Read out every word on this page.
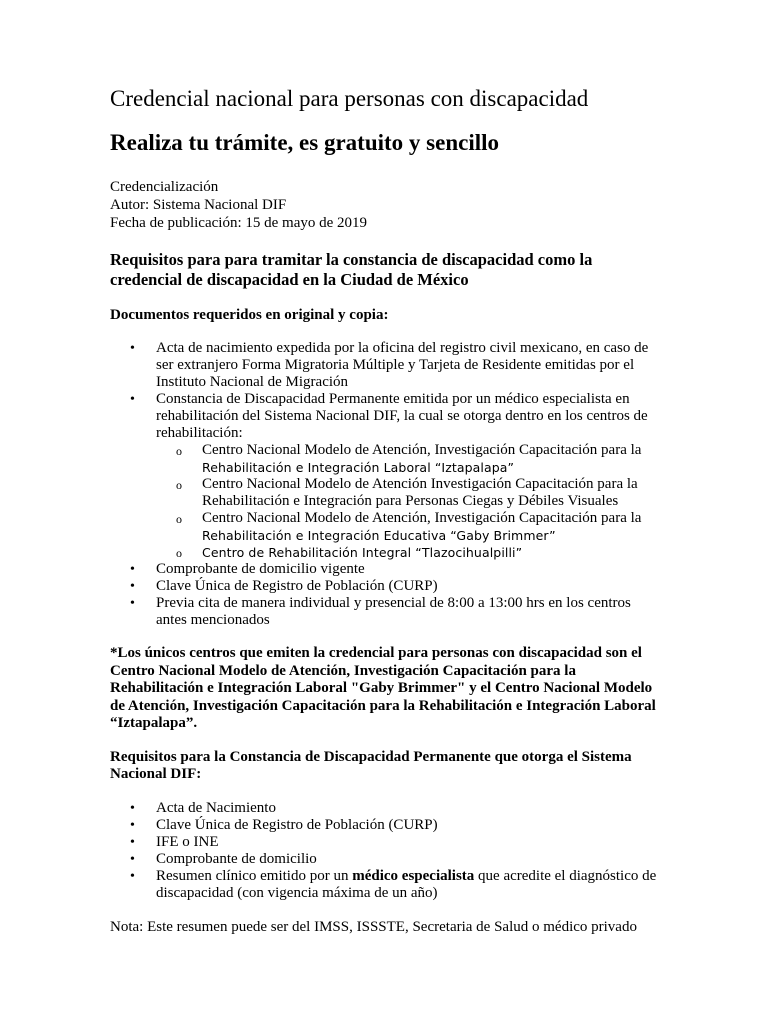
Credencial nacional para personas con discapacidad
Realiza tu trámite, es gratuito y sencillo
Credencialización
Autor: Sistema Nacional DIF
Fecha de publicación: 15 de mayo de 2019
Requisitos para para tramitar la constancia de discapacidad como la credencial de discapacidad en la Ciudad de México
Documentos requeridos en original y copia:
• Acta de nacimiento expedida por la oficina del registro civil mexicano, en caso de ser extranjero Forma Migratoria Múltiple y Tarjeta de Residente emitidas por el Instituto Nacional de Migración
• Constancia de Discapacidad Permanente emitida por un médico especialista en rehabilitación del Sistema Nacional DIF, la cual se otorga dentro en los centros de rehabilitación:
o Centro Nacional Modelo de Atención, Investigación Capacitación para la
Rehabilitación e Integración Laboral “Iztapalapa”
o Centro Nacional Modelo de Atención Investigación Capacitación para la
Rehabilitación e Integración para Personas Ciegas y Débiles Visuales
o Centro Nacional Modelo de Atención, Investigación Capacitación para la
Rehabilitación e Integración Educativa “Gaby Brimmer”
o Centro de Rehabilitación Integral “Tlazocihualpilli”
• Comprobante de domicilio vigente
• Clave Única de Registro de Población (CURP)
• Previa cita de manera individual y presencial de 8:00 a 13:00 hrs en los centros antes mencionados
*Los únicos centros que emiten la credencial para personas con discapacidad son el Centro Nacional Modelo de Atención, Investigación Capacitación para la Rehabilitación e Integración Laboral "Gaby Brimmer" y el Centro Nacional Modelo de Atención, Investigación Capacitación para la Rehabilitación e Integración Laboral “Iztapalapa”.
Requisitos para la Constancia de Discapacidad Permanente que otorga el Sistema Nacional DIF:
• Acta de Nacimiento
• Clave Única de Registro de Población (CURP)
• IFE o INE
• Comprobante de domicilio
• Resumen clínico emitido por un médico especialista que acredite el diagnóstico de discapacidad (con vigencia máxima de un año)
Nota: Este resumen puede ser del IMSS, ISSSTE, Secretaria de Salud o médico privado
